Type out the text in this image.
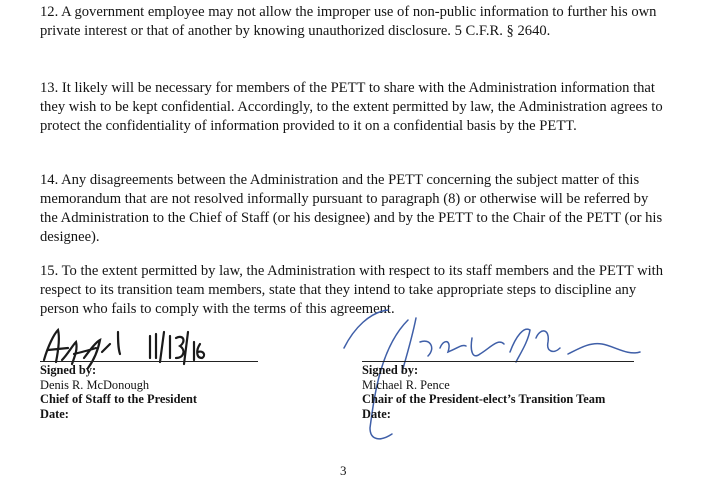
12. A government employee may not allow the improper use of non-public information to further his own private interest or that of another by knowing unauthorized disclosure. 5 C.F.R. § 2640.

13. It likely will be necessary for members of the PETT to share with the Administration information that they wish to be kept confidential. Accordingly, to the extent permitted by law, the Administration agrees to protect the confidentiality of information provided to it on a confidential basis by the PETT.

14. Any disagreements between the Administration and the PETT concerning the subject matter of this memorandum that are not resolved informally pursuant to paragraph (8) or otherwise will be referred by the Administration to the Chief of Staff (or his designee) and by the PETT to the Chair of the PETT (or his designee).

15. To the extent permitted by law, the Administration with respect to its staff members and the PETT with respect to its transition team members, state that they intend to take appropriate steps to discipline any person who fails to comply with the terms of this agreement.

Signed by:
Denis R. McDonough
Chief of Staff to the President
Date:
Signed by:
Michael R. Pence
Chair of the President-elect’s Transition Team
Date:
3
